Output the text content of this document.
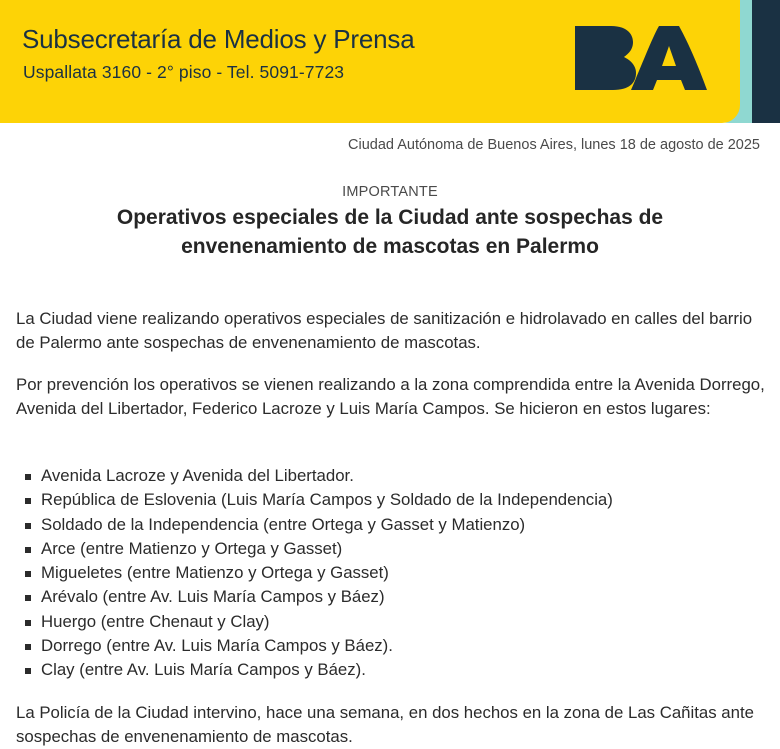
Subsecretaría de Medios y Prensa
Uspallata 3160 - 2° piso - Tel. 5091-7723
Ciudad Autónoma de Buenos Aires, lunes 18 de agosto de 2025
IMPORTANTE
Operativos especiales de la Ciudad ante sospechas de
envenenamiento de mascotas en Palermo
La Ciudad viene realizando operativos especiales de sanitización e hidrolavado en calles del barrio de Palermo ante sospechas de envenenamiento de mascotas.
Por prevención los operativos se vienen realizando a la zona comprendida entre la Avenida Dorrego, Avenida del Libertador, Federico Lacroze y Luis María Campos. Se hicieron en estos lugares:
Avenida Lacroze y Avenida del Libertador.
República de Eslovenia (Luis María Campos y Soldado de la Independencia)
Soldado de la Independencia (entre Ortega y Gasset y Matienzo)
Arce (entre Matienzo y Ortega y Gasset)
Migueletes (entre Matienzo y Ortega y Gasset)
Arévalo (entre Av. Luis María Campos y Báez)
Huergo (entre Chenaut y Clay)
Dorrego (entre Av. Luis María Campos y Báez).
Clay (entre Av. Luis María Campos y Báez).
La Policía de la Ciudad intervino, hace una semana, en dos hechos en la zona de Las Cañitas ante sospechas de envenenamiento de mascotas.
